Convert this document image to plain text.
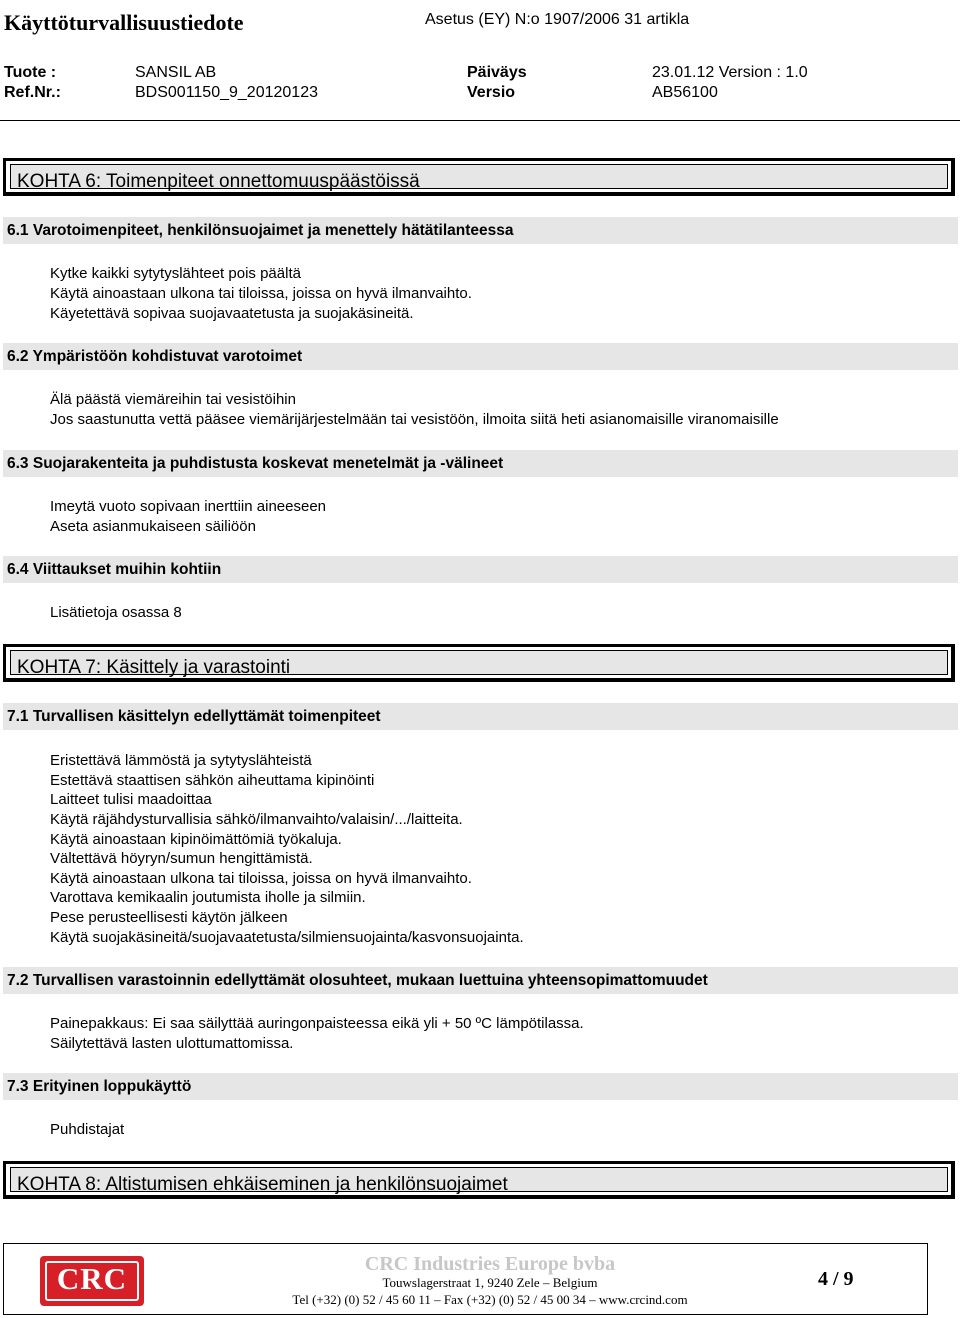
Käyttöturvallisuustiedote	Asetus (EY) N:o 1907/2006 31 artikla
Tuote :	SANSIL AB	Päiväys	23.01.12 Version : 1.0
Ref.Nr.:	BDS001150_9_20120123	Versio	AB56100
KOHTA 6: Toimenpiteet onnettomuuspäästöissä
6.1 Varotoimenpiteet, henkilönsuojaimet ja menettely hätätilanteessa
Kytke kaikki sytytyslähteet pois päältä
Käytä ainoastaan ulkona tai tiloissa, joissa on hyvä ilmanvaihto.
Käyetettävä sopivaa suojavaatetusta ja suojakäsineitä.
6.2 Ympäristöön kohdistuvat varotoimet
Älä päästä viemäreihin tai vesistöihin
Jos saastunutta vettä pääsee viemärijärjestelmään tai vesistöön, ilmoita siitä heti asianomaisille viranomaisille
6.3 Suojarakenteita ja puhdistusta koskevat menetelmät ja -välineet
Imeytä vuoto sopivaan inerttiin aineeseen
Aseta asianmukaiseen säiliöön
6.4 Viittaukset muihin kohtiin
Lisätietoja osassa 8
KOHTA 7: Käsittely ja varastointi
7.1 Turvallisen käsittelyn edellyttämät toimenpiteet
Eristettävä lämmöstä ja sytytyslähteistä
Estettävä staattisen sähkön aiheuttama kipinöinti
Laitteet tulisi maadoittaa
Käytä räjähdysturvallisia sähkö/ilmanvaihto/valaisin/.../laitteita.
Käytä ainoastaan kipinöimättömiä työkaluja.
Vältettävä höyryn/sumun hengittämistä.
Käytä ainoastaan ulkona tai tiloissa, joissa on hyvä ilmanvaihto.
Varottava kemikaalin joutumista iholle ja silmiin.
Pese perusteellisesti käytön jälkeen
Käytä suojakäsineitä/suojavaatetusta/silmiensuojainta/kasvonsuojainta.
7.2 Turvallisen varastoinnin edellyttämät olosuhteet, mukaan luettuina yhteensopimattomuudet
Painepakkaus: Ei saa säilyttää auringonpaisteessa eikä yli + 50 ºC lämpötilassa.
Säilytettävä lasten ulottumattomissa.
7.3 Erityinen loppukäyttö
Puhdistajat
KOHTA 8: Altistumisen ehkäiseminen ja henkilönsuojaimet
CRC	CRC Industries Europe bvba
Touwslagerstraat 1, 9240 Zele – Belgium
Tel (+32) (0) 52 / 45 60 11 – Fax (+32) (0) 52 / 45 00 34 – www.crcind.com
4 / 9
